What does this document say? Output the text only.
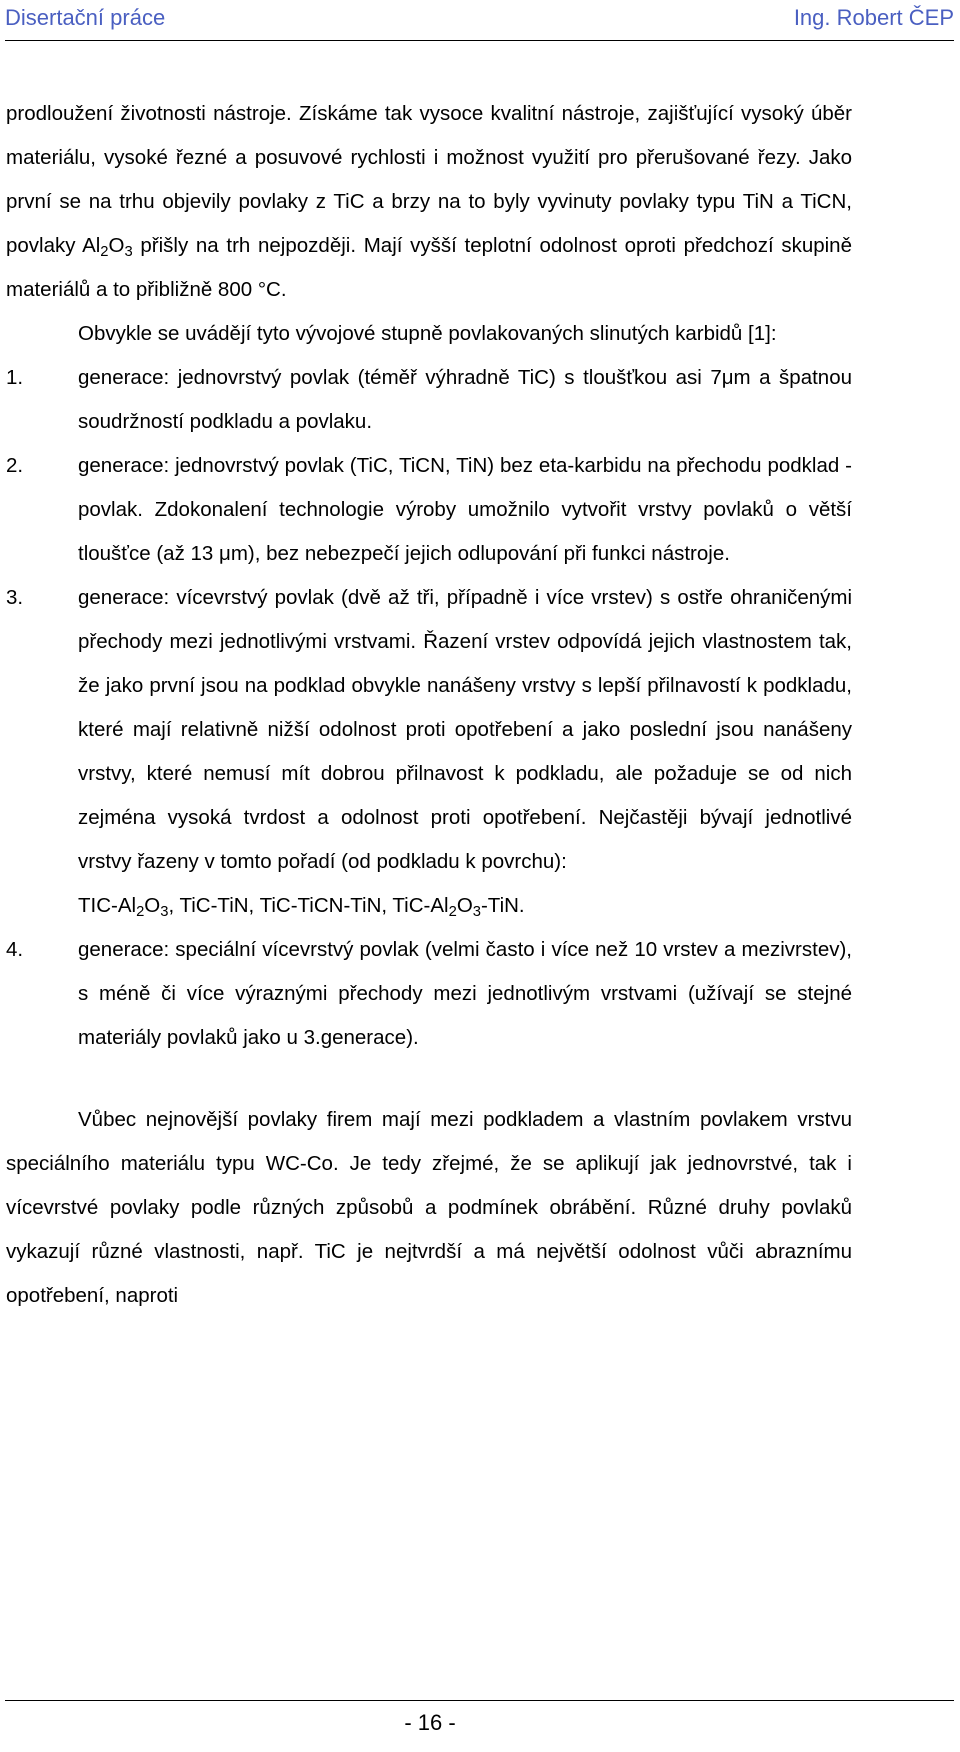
Disertační práce	Ing. Robert ČEP

prodloužení životnosti nástroje. Získáme tak vysoce kvalitní nástroje, zajišťující vysoký úběr materiálu, vysoké řezné a posuvové rychlosti i možnost využití pro přerušované řezy. Jako první se na trhu objevily povlaky z TiC a brzy na to byly vyvinuty povlaky typu TiN a TiCN, povlaky $Al_2O_3$ přišly na trh nejpozději. Mají vyšší teplotní odolnost oproti předchozí skupině materiálů a to přibližně 800 °C.

Obvykle se uvádějí tyto vývojové stupně povlakovaných slinutých karbidů [1]:

1.	generace: jednovrstvý povlak (téměř výhradně TiC) s tloušťkou asi 7μm a špatnou soudržností podkladu a povlaku.

2.	generace: jednovrstvý povlak (TiC, TiCN, TiN) bez eta-karbidu na přechodu podklad - povlak. Zdokonalení technologie výroby umožnilo vytvořit vrstvy povlaků o větší tloušťce (až 13 μm), bez nebezpečí jejich odlupování při funkci nástroje.

3.	generace: vícevrstvý povlak (dvě až tři, případně i více vrstev) s ostře ohraničenými přechody mezi jednotlivými vrstvami. Řazení vrstev odpovídá jejich vlastnostem tak, že jako první jsou na podklad obvykle nanášeny vrstvy s lepší přilnavostí k podkladu, které mají relativně nižší odolnost proti opotřebení a jako poslední jsou nanášeny vrstvy, které nemusí mít dobrou přilnavost k podkladu, ale požaduje se od nich zejména vysoká tvrdost a odolnost proti opotřebení. Nejčastěji bývají jednotlivé vrstvy řazeny v tomto pořadí (od podkladu k povrchu):

TIC-$Al_2O_3$, TiC-TiN, TiC-TiCN-TiN, TiC-$Al_2O_3$-TiN.

4.	generace: speciální vícevrstvý povlak (velmi často i více než 10 vrstev a mezivrstev), s méně či více výraznými přechody mezi jednotlivým vrstvami (užívají se stejné materiály povlaků jako u 3.generace).

Vůbec nejnovější povlaky firem mají mezi podkladem a vlastním povlakem vrstvu speciálního materiálu typu WC-Co. Je tedy zřejmé, že se aplikují jak jednovrstvé, tak i vícevrstvé povlaky podle různých způsobů a podmínek obrábění. Různé druhy povlaků vykazují různé vlastnosti, např. TiC je nejtvrdší a má největší odolnost vůči abraznímu opotřebení, naproti

- 16 -
